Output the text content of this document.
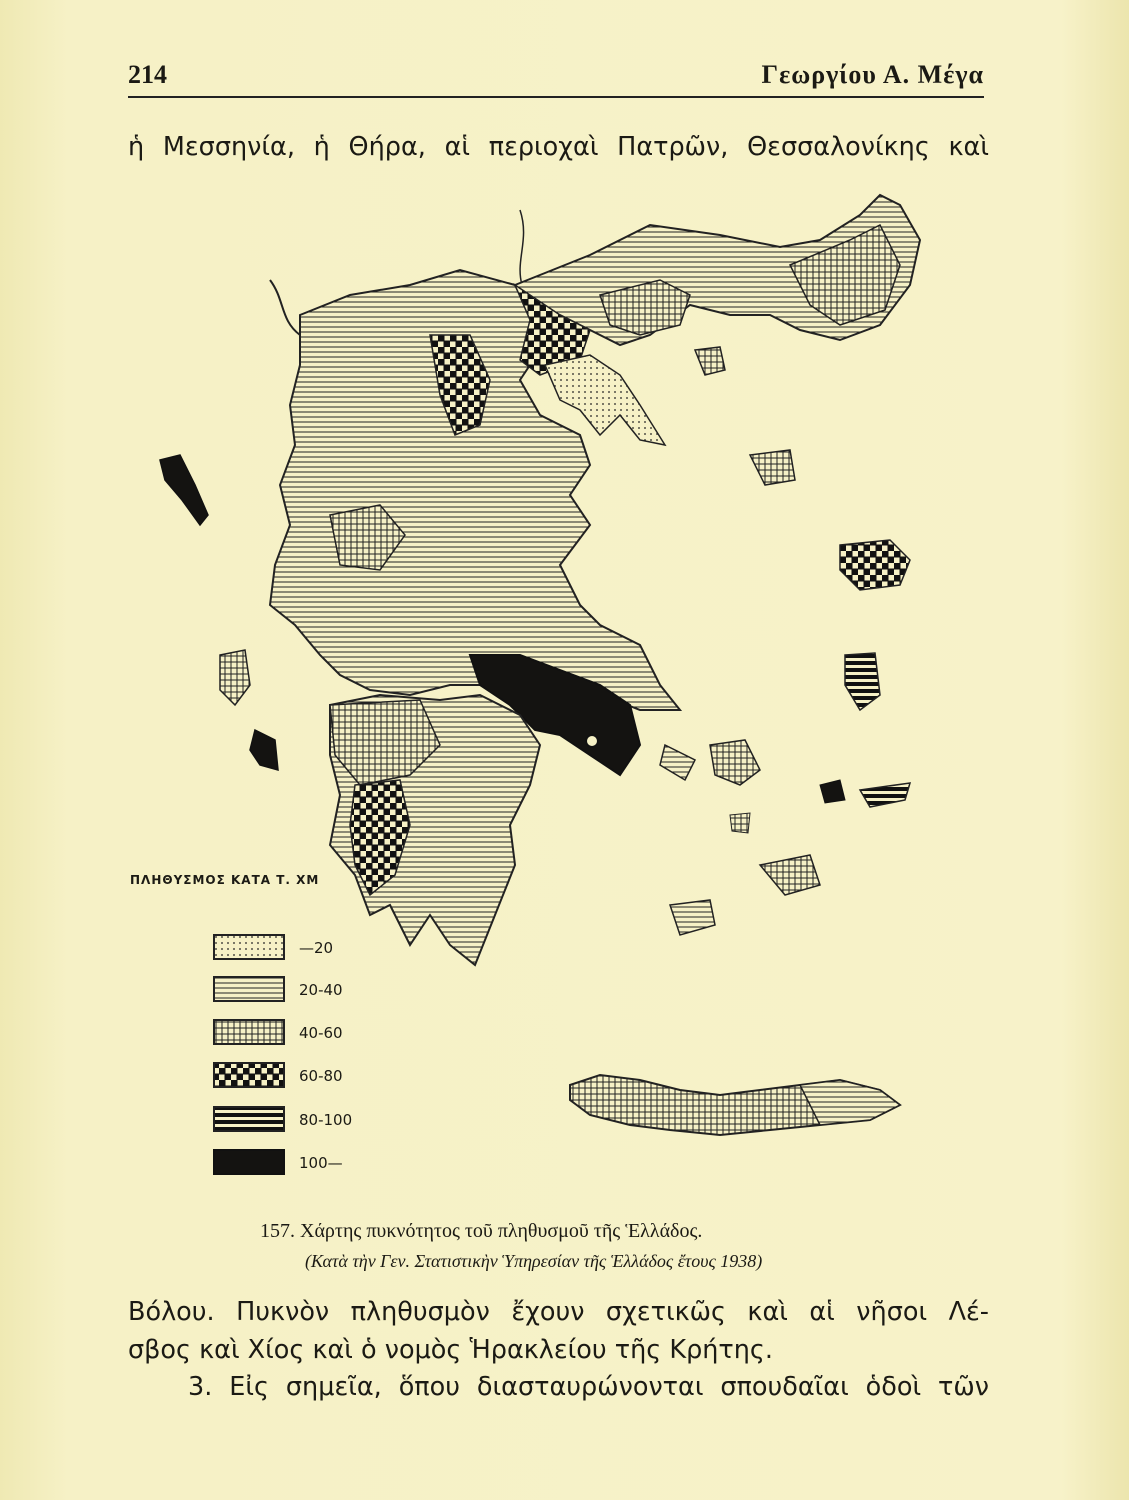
214	Γεωργίου Α. Μέγα
ἡ Μεσσηνία, ἡ Θήρα, αἱ περιοχαὶ Πατρῶν, Θεσσαλονίκης καὶ
ΠΛΗΘΥΣΜΟΣ ΚΑΤΑ Τ. ΧΜ
—20
20-40
40-60
60-80
80-100
100—
157. Χάρτης πυκνότητος τοῦ πληθυσμοῦ τῆς Ἑλλάδος.
(Κατὰ τὴν Γεν. Στατιστικὴν Ὑπηρεσίαν τῆς Ἑλλάδος ἔτους 1938)
Βόλου. Πυκνὸν πληθυσμὸν ἔχουν σχετικῶς καὶ αἱ νῆσοι Λέ-
σβος καὶ Χίος καὶ ὁ νομὸς Ἡρακλείου τῆς Κρήτης.
3. Εἰς σημεῖα, ὅπου διασταυρώνονται σπουδαῖαι ὁδοὶ τῶν
